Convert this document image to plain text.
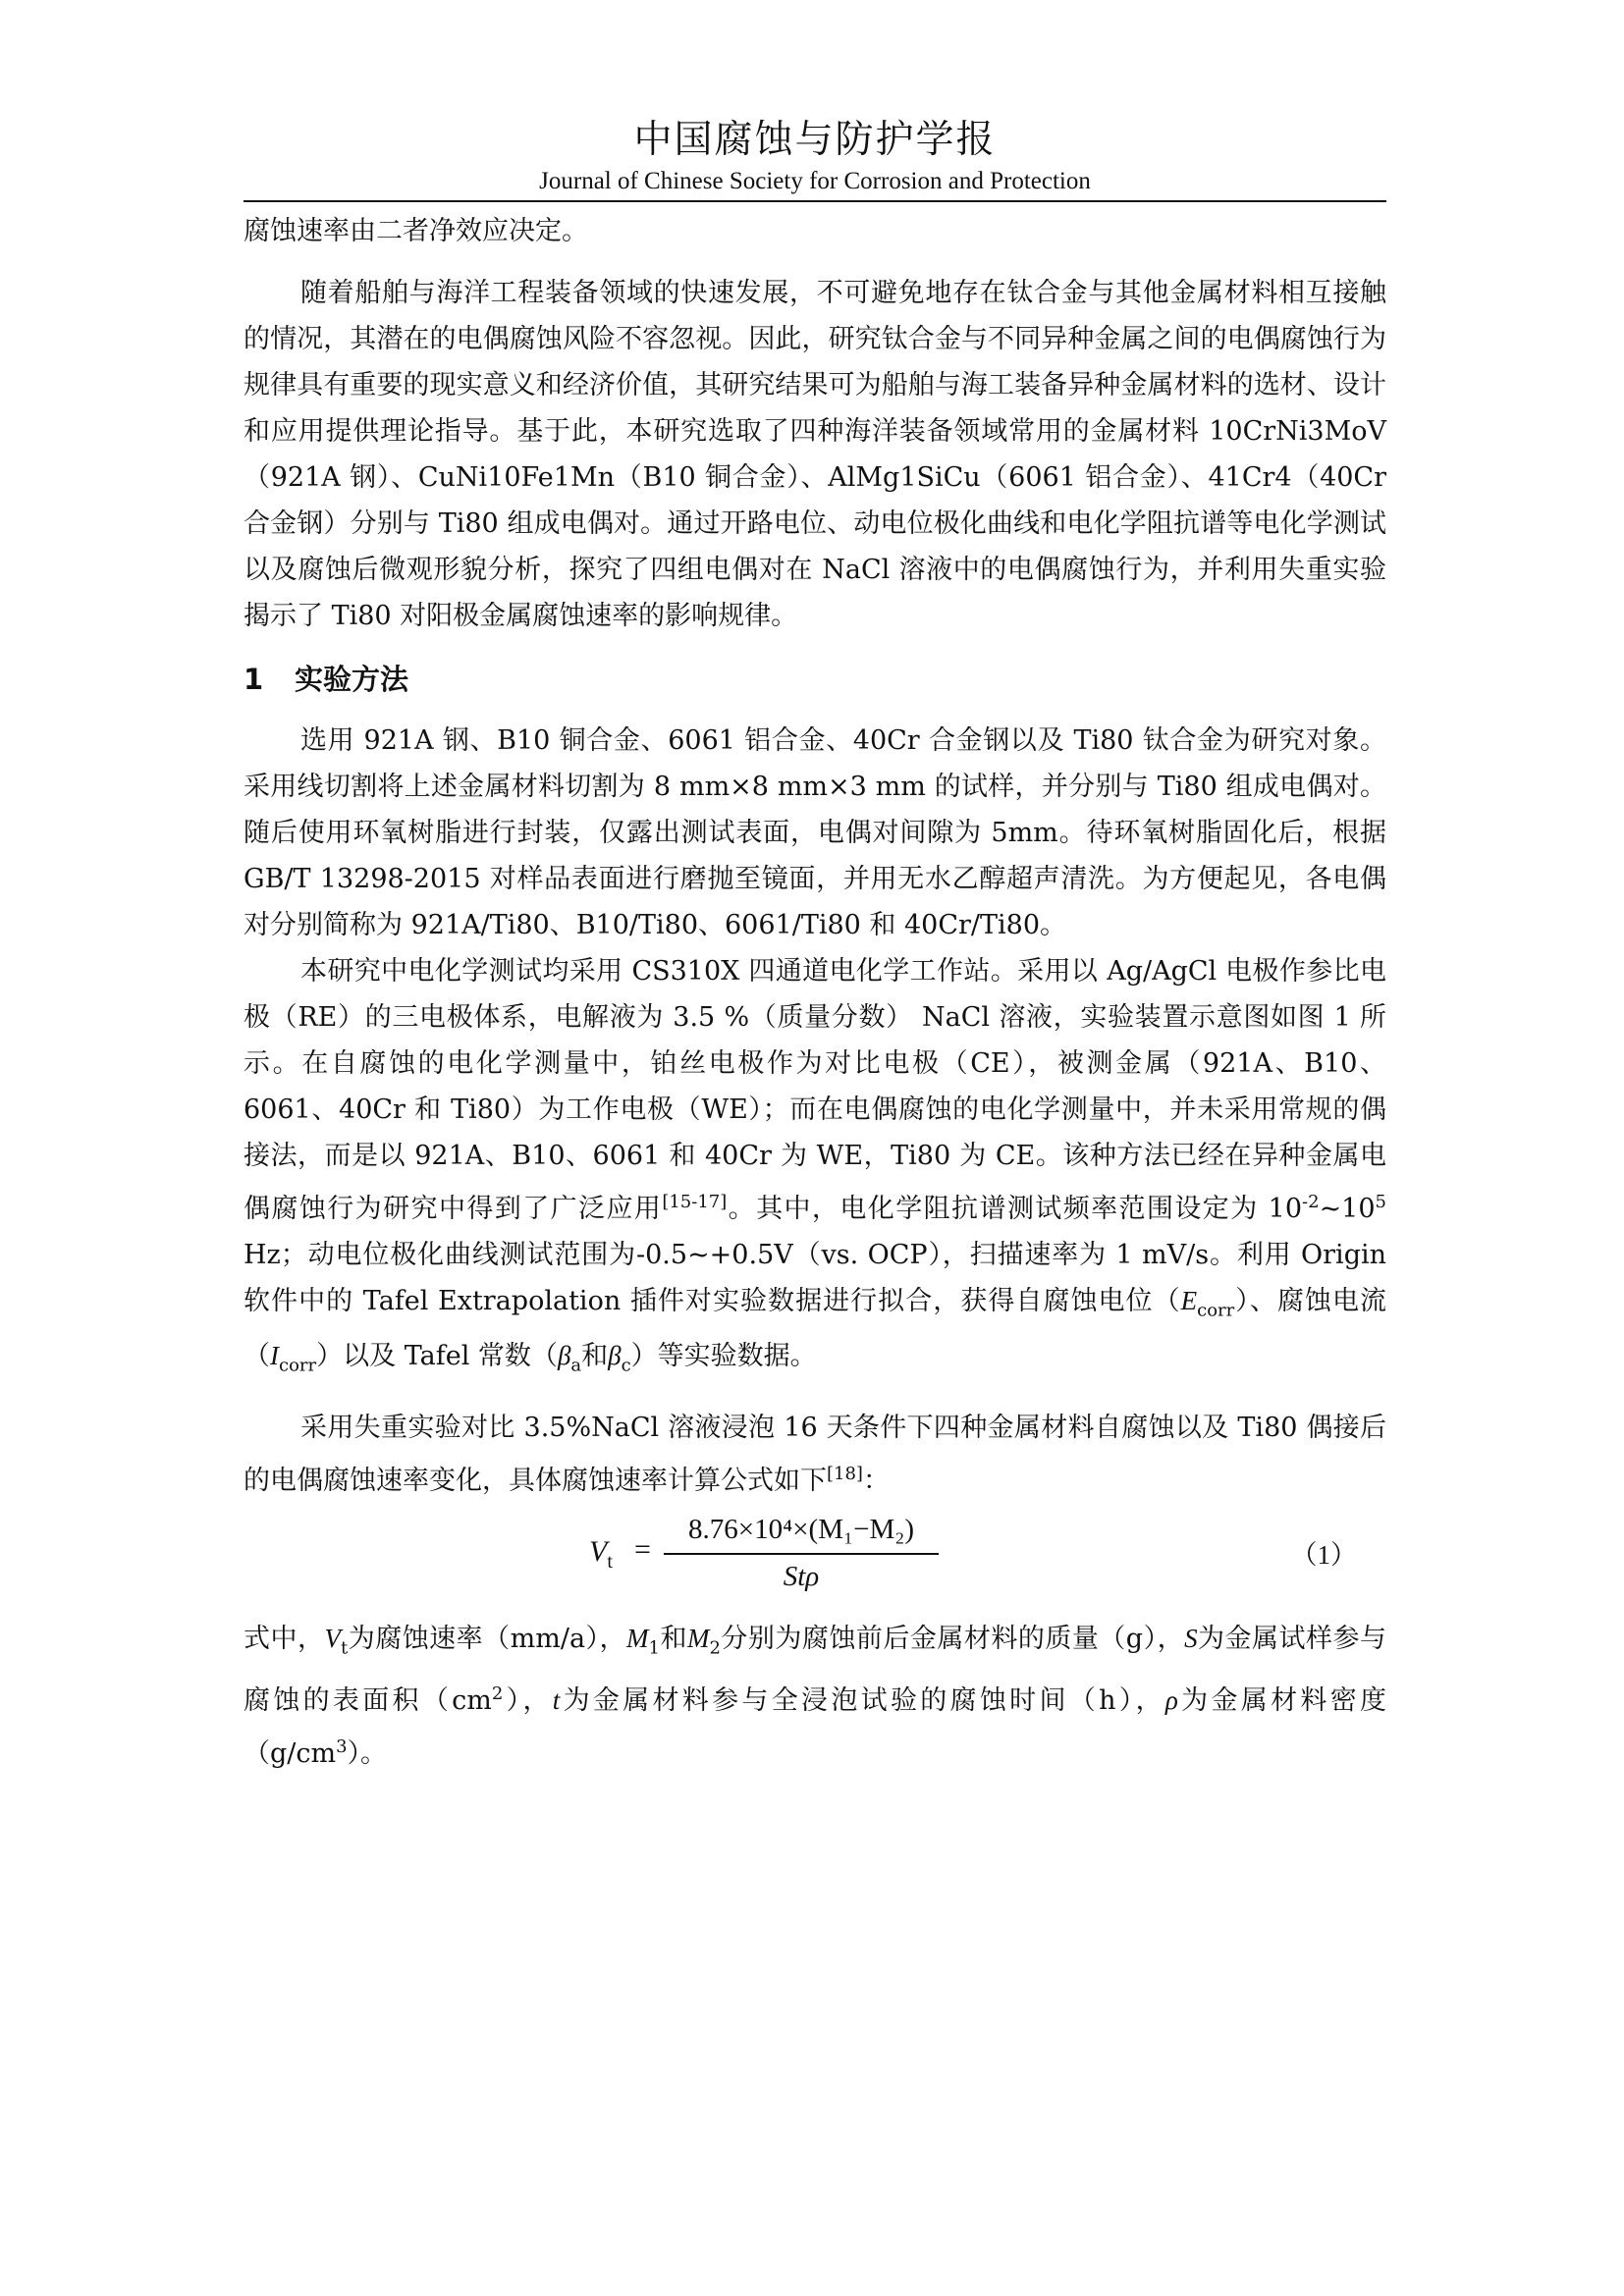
中国腐蚀与防护学报
Journal of Chinese Society for Corrosion and Protection

腐蚀速率由二者净效应决定。

随着船舶与海洋工程装备领域的快速发展，不可避免地存在钛合金与其他金属材料相互接触的情况，其潜在的电偶腐蚀风险不容忽视。因此，研究钛合金与不同异种金属之间的电偶腐蚀行为规律具有重要的现实意义和经济价值，其研究结果可为船舶与海工装备异种金属材料的选材、设计和应用提供理论指导。基于此，本研究选取了四种海洋装备领域常用的金属材料 10CrNi3MoV（921A 钢）、CuNi10Fe1Mn（B10 铜合金）、AlMg1SiCu（6061 铝合金）、41Cr4（40Cr 合金钢）分别与 Ti80 组成电偶对。通过开路电位、动电位极化曲线和电化学阻抗谱等电化学测试以及腐蚀后微观形貌分析，探究了四组电偶对在 NaCl 溶液中的电偶腐蚀行为，并利用失重实验揭示了 Ti80 对阳极金属腐蚀速率的影响规律。

1 实验方法

选用 921A 钢、B10 铜合金、6061 铝合金、40Cr 合金钢以及 Ti80 钛合金为研究对象。采用线切割将上述金属材料切割为 8 mm×8 mm×3 mm 的试样，并分别与 Ti80 组成电偶对。随后使用环氧树脂进行封装，仅露出测试表面，电偶对间隙为 5mm。待环氧树脂固化后，根据 GB/T 13298-2015 对样品表面进行磨抛至镜面，并用无水乙醇超声清洗。为方便起见，各电偶对分别简称为 921A/Ti80、B10/Ti80、6061/Ti80 和 40Cr/Ti80。

本研究中电化学测试均采用 CS310X 四通道电化学工作站。采用以 Ag/AgCl 电极作参比电极（RE）的三电极体系，电解液为 3.5 %（质量分数） NaCl 溶液，实验装置示意图如图 1 所示。在自腐蚀的电化学测量中，铂丝电极作为对比电极（CE），被测金属（921A、B10、6061、40Cr 和 Ti80）为工作电极（WE）；而在电偶腐蚀的电化学测量中，并未采用常规的偶接法，而是以 921A、B10、6061 和 40Cr 为 WE，Ti80 为 CE。该种方法已经在异种金属电偶腐蚀行为研究中得到了广泛应用[15-17]。其中，电化学阻抗谱测试频率范围设定为 $10^{-2}\sim 10^5$ Hz；动电位极化曲线测试范围为-0.5~+0.5V（vs. OCP），扫描速率为 1 mV/s。利用 Origin 软件中的 Tafel Extrapolation 插件对实验数据进行拟合，获得自腐蚀电位$(E_{corr})$、腐蚀电流$(I_{corr})$以及 Tafel 常数（$\beta_a$和$\beta_c$）等实验数据。

采用失重实验对比 3.5%NaCl 溶液浸泡 16 天条件下四种金属材料自腐蚀以及 Ti80 偶接后的电偶腐蚀速率变化，具体腐蚀速率计算公式如下[18]：

$V_t$ =
8.76×10⁴×(M₁−M₂)
Stρ
（1）

式中，$V_t$为腐蚀速率（mm/a），$M_1$和$M_2$分别为腐蚀前后金属材料的质量（g），S为金属试样参与腐蚀的表面积$(cm^2)$，t为金属材料参与全浸泡试验的腐蚀时间（h），ρ为金属材料密度$(g/cm^3)$。
